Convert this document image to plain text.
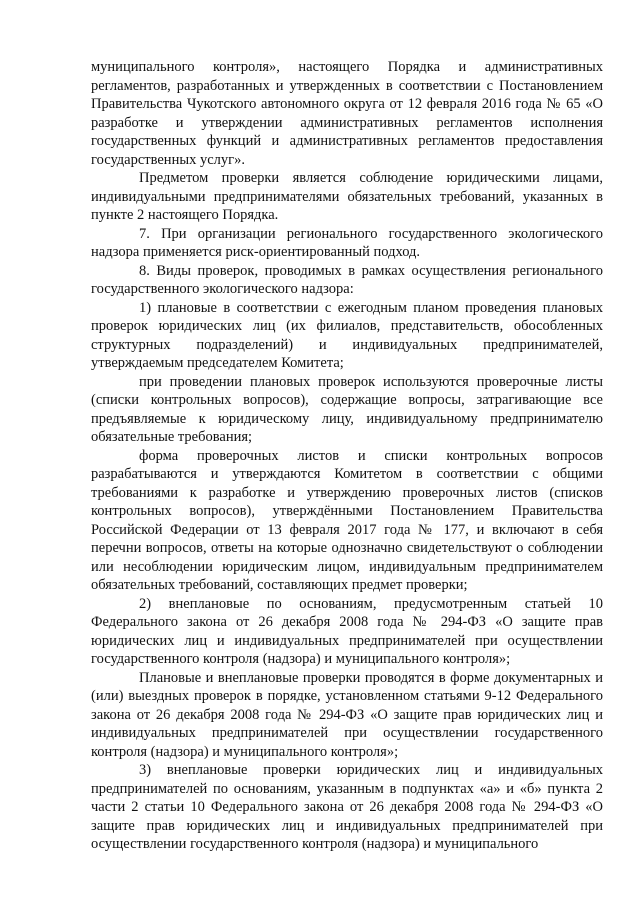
муниципального контроля», настоящего Порядка и административных регламентов, разработанных и утвержденных в соответствии с Постановлением Правительства Чукотского автономного округа от 12 февраля 2016 года № 65 «О разработке и утверждении административных регламентов исполнения государственных функций и административных регламентов предоставления государственных услуг».

Предметом проверки является соблюдение юридическими лицами, индивидуальными предпринимателями обязательных требований, указанных в пункте 2 настоящего Порядка.

7. При организации регионального государственного экологического надзора применяется риск-ориентированный подход.

8. Виды проверок, проводимых в рамках осуществления регионального государственного экологического надзора:

1) плановые в соответствии с ежегодным планом проведения плановых проверок юридических лиц (их филиалов, представительств, обособленных структурных подразделений) и индивидуальных предпринимателей, утверждаемым председателем Комитета;

при проведении плановых проверок используются проверочные листы (списки контрольных вопросов), содержащие вопросы, затрагивающие все предъявляемые к юридическому лицу, индивидуальному предпринимателю обязательные требования;

форма проверочных листов и списки контрольных вопросов разрабатываются и утверждаются Комитетом в соответствии с общими требованиями к разработке и утверждению проверочных листов (списков контрольных вопросов), утверждёнными Постановлением Правительства Российской Федерации от 13 февраля 2017 года № 177, и включают в себя перечни вопросов, ответы на которые однозначно свидетельствуют о соблюдении или несоблюдении юридическим лицом, индивидуальным предпринимателем обязательных требований, составляющих предмет проверки;

2) внеплановые по основаниям, предусмотренным статьей 10 Федерального закона от 26 декабря 2008 года № 294-ФЗ «О защите прав юридических лиц и индивидуальных предпринимателей при осуществлении государственного контроля (надзора) и муниципального контроля»;

Плановые и внеплановые проверки проводятся в форме документарных и (или) выездных проверок в порядке, установленном статьями 9-12 Федерального закона от 26 декабря 2008 года № 294-ФЗ «О защите прав юридических лиц и индивидуальных предпринимателей при осуществлении государственного контроля (надзора) и муниципального контроля»;

3) внеплановые проверки юридических лиц и индивидуальных предпринимателей по основаниям, указанным в подпунктах «а» и «б» пункта 2 части 2 статьи 10 Федерального закона от 26 декабря 2008 года № 294-ФЗ «О защите прав юридических лиц и индивидуальных предпринимателей при осуществлении государственного контроля (надзора) и муниципального
